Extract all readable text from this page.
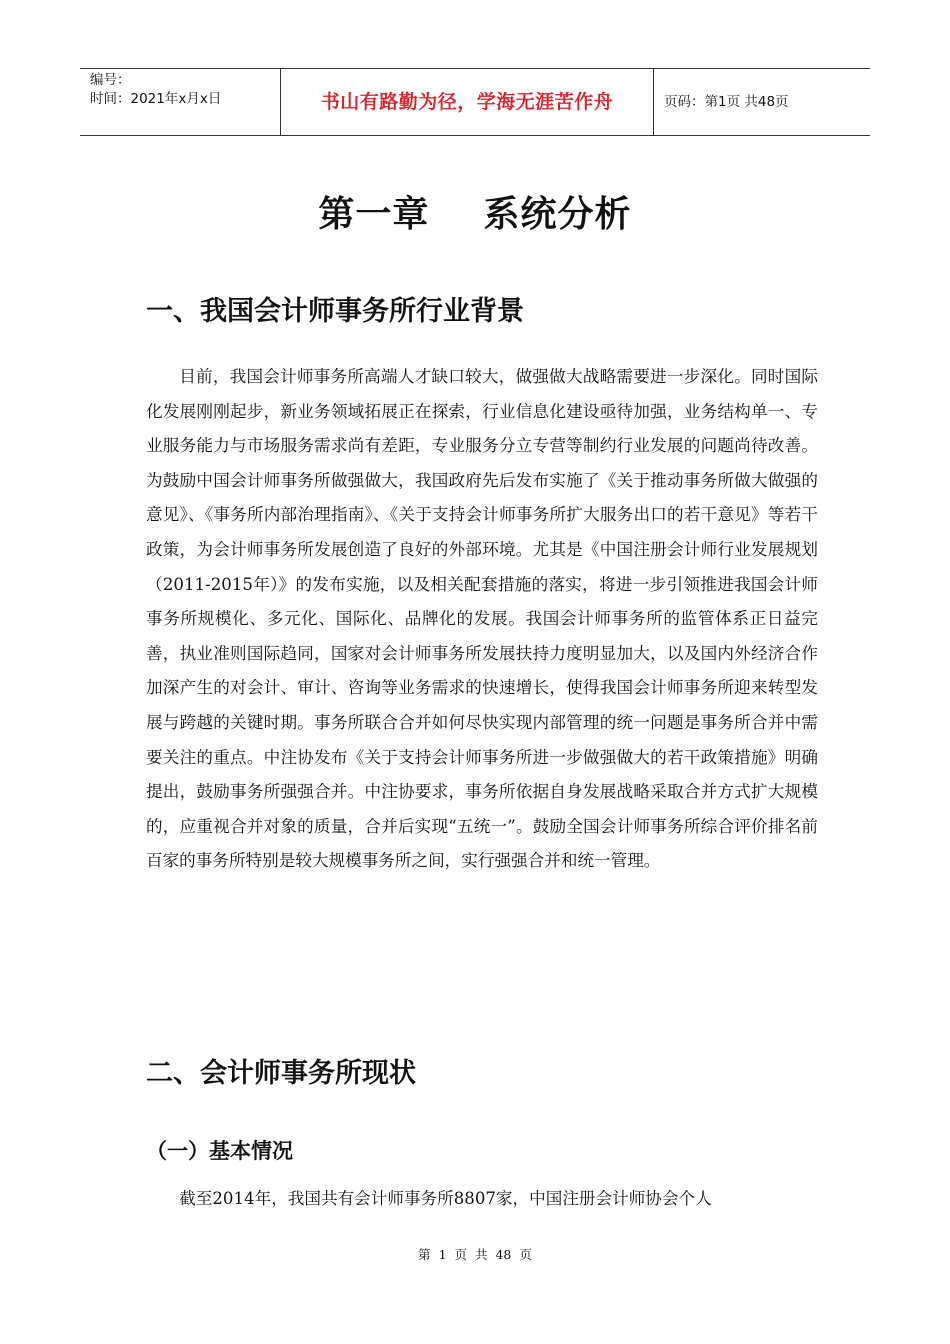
编号：
时间：2021年x月x日	书山有路勤为径，学海无涯苦作舟	页码：第1页 共48页
第一章    系统分析
一、我国会计师事务所行业背景

目前，我国会计师事务所高端人才缺口较大，做强做大战略需要进一步深化。同时国际化发展刚刚起步，新业务领域拓展正在探索，行业信息化建设亟待加强，业务结构单一、专业服务能力与市场服务需求尚有差距，专业服务分立专营等制约行业发展的问题尚待改善。为鼓励中国会计师事务所做强做大，我国政府先后发布实施了《关于推动事务所做大做强的意见》、《事务所内部治理指南》、《关于支持会计师事务所扩大服务出口的若干意见》等若干政策，为会计师事务所发展创造了良好的外部环境。尤其是《中国注册会计师行业发展规划（2011-2015年）》的发布实施，以及相关配套措施的落实，将进一步引领推进我国会计师事务所规模化、多元化、国际化、品牌化的发展。我国会计师事务所的监管体系正日益完善，执业准则国际趋同，国家对会计师事务所发展扶持力度明显加大，以及国内外经济合作加深产生的对会计、审计、咨询等业务需求的快速增长，使得我国会计师事务所迎来转型发展与跨越的关键时期。事务所联合合并如何尽快实现内部管理的统一问题是事务所合并中需要关注的重点。中注协发布《关于支持会计师事务所进一步做强做大的若干政策措施》明确提出，鼓励事务所强强合并。中注协要求，事务所依据自身发展战略采取合并方式扩大规模的，应重视合并对象的质量，合并后实现“五统一”。鼓励全国会计师事务所综合评价排名前百家的事务所特别是较大规模事务所之间，实行强强合并和统一管理。

二、会计师事务所现状
（一）基本情况

截至2014年，我国共有会计师事务所8807家，中国注册会计师协会个人

第 1 页 共 48 页
